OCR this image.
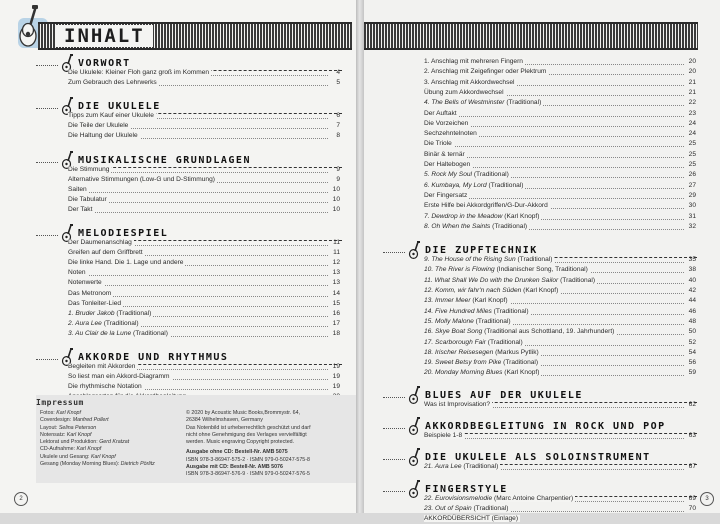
INHALT
VORWORT
Die Ukulele: Kleiner Floh ganz groß im Kommen	4
Zum Gebrauch des Lehrwerks	5
DIE UKULELE
Tipps zum Kauf einer Ukulele	6
Die Teile der Ukulele	7
Die Haltung der Ukulele	8
MUSIKALISCHE GRUNDLAGEN
Die Stimmung	9
Alternative Stimmungen (Low-G und D-Stimmung)	9
Saiten	10
Die Tabulatur	10
Der Takt	10
MELODIESPIEL
Der Daumenanschlag	11
Greifen auf dem Griffbrett	11
Die linke Hand. Die 1. Lage und andere	12
Noten	13
Notenwerte	13
Das Metronom	14
Das Tonleiter-Lied	15
1. Bruder Jakob (Traditional)	16
2. Aura Lee (Traditional)	17
3. Au Clair de la Lune (Traditional)	18
AKKORDE UND RHYTHMUS
Begleiten mit Akkorden	19
So liest man ein Akkord-Diagramm	19
Die rhythmische Notation	19
1. Anschlag mit mehreren Fingern	20
2. Anschlag mit Zeigefinger oder Plektrum	20
3. Anschlag mit Akkordwechsel	21
Übung zum Akkordwechsel	21
4. The Bells of Westminster (Traditional)	22
Der Auftakt	23
Die Vorzeichen	24
Sechzehntelnoten	24
Die Triole	25
Binär & ternär	25
Der Haltebogen	25
5. Rock My Soul (Traditional)	26
6. Kumbaya, My Lord (Traditional)	27
Der Fingersatz	29
Erste Hilfe bei Akkordgriffen/G-Dur-Akkord	30
7. Dewdrop in the Meadow (Karl Knopf)	31
8. Oh When the Saints (Traditional)	32
DIE ZUPFTECHNIK
9. The House of the Rising Sun (Traditional)	35
10. The River is Flowing (Indianischer Song, Traditional)	38
11. What Shall We Do with the Drunken Sailor (Traditional)	40
12. Komm, wir fahr'n nach Süden (Karl Knopf)	42
13. Immer Meer (Karl Knopf)	44
14. Five Hundred Miles (Traditional)	46
15. Molly Malone (Traditional)	48
16. Skye Boat Song (Traditional aus Schottland, 19. Jahrhundert)	50
17. Scarborough Fair (Traditional)	52
18. Irischer Reisesegen (Markus Pytlik)	54
19. Sweet Betsy from Pike (Traditional)	56
20. Monday Morning Blues (Karl Knopf)	59
BLUES AUF DER UKULELE
Was ist Improvisation?	62
AKKORDBEGLEITUNG IN ROCK UND POP
Beispiele 1-8	63
DIE UKULELE ALS SOLOINSTRUMENT
21. Aura Lee (Traditional)	67
FINGERSTYLE
22. Eurovisionsmelodie (Marc Antoine Charpentier)	69
23. Out of Spain (Traditional)	70
AKKORDÜBERSICHT (Einlage)
Impressum
Fotos: Karl Knopf
Coverdesign: Manfred Pollert
Layout: Selina Peterson
Notensatz: Karl Knopf
Lektorat und Produktion: Gerd Kratzat
CD-Aufnahme: Karl Knopf
Ukulele und Gesang: Karl Knopf
Gesang (Monday Morning Blues): Dietrich Pörlitz
© 2020 by Acoustic Music Books,Brommystr. 64,
26384 Wilhelmshaven, Germany
Das Notenbild ist urheberrechtlich geschützt und darf
nicht ohne Genehmigung des Verlages vervielfältigt
werden. Music engraving Copyright protected.
Ausgabe ohne CD: Bestell-Nr. AMB 5075
ISBN 978-3-86947-575-2 · ISMN 979-0-50247-575-8
Ausgabe mit CD: Bestell-Nr. AMB 5076
ISBN 978-3-86947-576-9 · ISMN 979-0-50247-576-5
2	3
